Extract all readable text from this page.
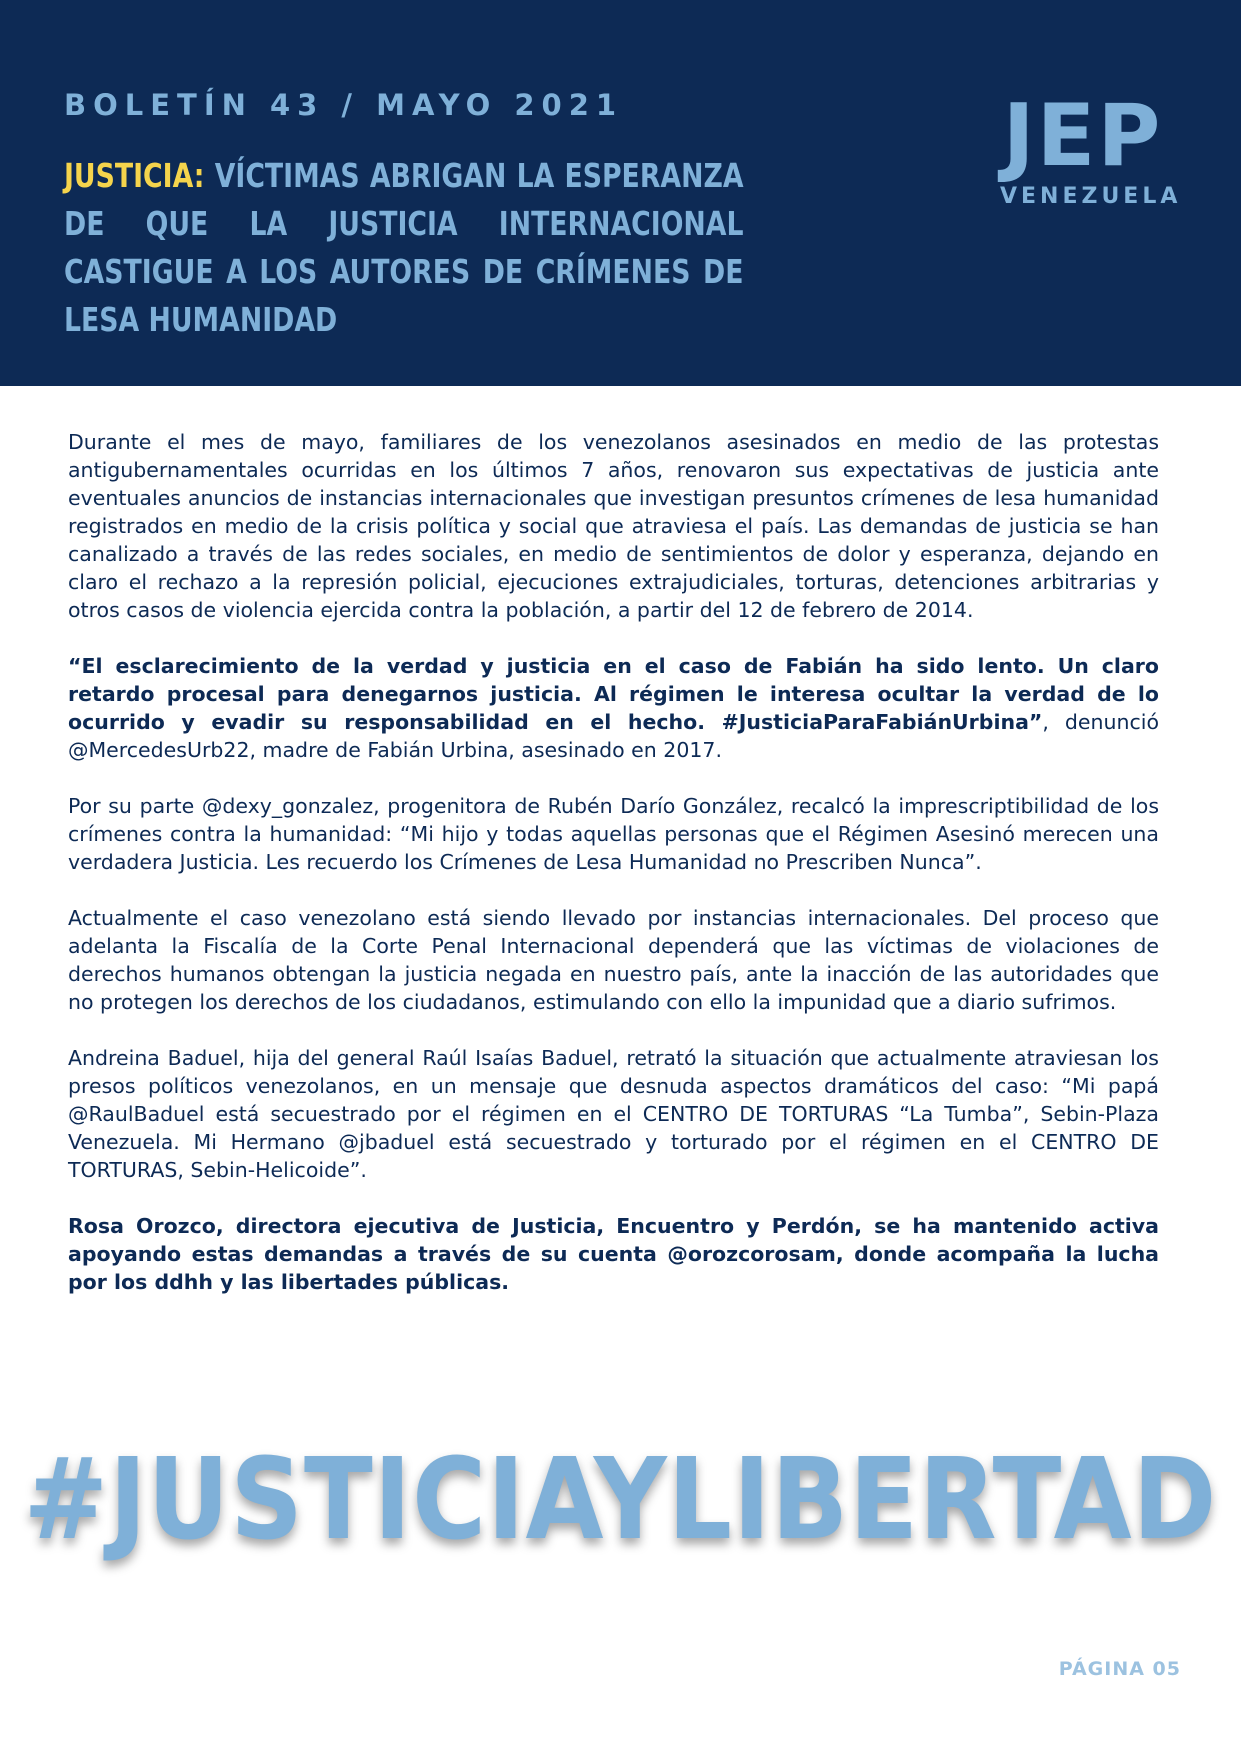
BOLETÍN 43 / MAYO 2021
JUSTICIA: VÍCTIMAS ABRIGAN LA ESPERANZA DE QUE LA JUSTICIA INTERNACIONAL CASTIGUE A LOS AUTORES DE CRÍMENES DE LESA HUMANIDAD
JEP
VENEZUELA

Durante el mes de mayo, familiares de los venezolanos asesinados en medio de las protestas antigubernamentales ocurridas en los últimos 7 años, renovaron sus expectativas de justicia ante eventuales anuncios de instancias internacionales que investigan presuntos crímenes de lesa humanidad registrados en medio de la crisis política y social que atraviesa el país. Las demandas de justicia se han canalizado a través de las redes sociales, en medio de sentimientos de dolor y esperanza, dejando en claro el rechazo a la represión policial, ejecuciones extrajudiciales, torturas, detenciones arbitrarias y otros casos de violencia ejercida contra la población, a partir del 12 de febrero de 2014.

“El esclarecimiento de la verdad y justicia en el caso de Fabián ha sido lento. Un claro retardo procesal para denegarnos justicia. Al régimen le interesa ocultar la verdad de lo ocurrido y evadir su responsabilidad en el hecho. #JusticiaParaFabiánUrbina”, denunció @MercedesUrb22, madre de Fabián Urbina, asesinado en 2017.

Por su parte @dexy_gonzalez, progenitora de Rubén Darío González, recalcó la imprescriptibilidad de los crímenes contra la humanidad: “Mi hijo y todas aquellas personas que el Régimen Asesinó merecen una verdadera Justicia. Les recuerdo los Crímenes de Lesa Humanidad no Prescriben Nunca”.

Actualmente el caso venezolano está siendo llevado por instancias internacionales. Del proceso que adelanta la Fiscalía de la Corte Penal Internacional dependerá que las víctimas de violaciones de derechos humanos obtengan la justicia negada en nuestro país, ante la inacción de las autoridades que no protegen los derechos de los ciudadanos, estimulando con ello la impunidad que a diario sufrimos.

Andreina Baduel, hija del general Raúl Isaías Baduel, retrató la situación que actualmente atraviesan los presos políticos venezolanos, en un mensaje que desnuda aspectos dramáticos del caso: “Mi papá @RaulBaduel está secuestrado por el régimen en el CENTRO DE TORTURAS “La Tumba”, Sebin-Plaza Venezuela. Mi Hermano @jbaduel está secuestrado y torturado por el régimen en el CENTRO DE TORTURAS, Sebin-Helicoide”.

Rosa Orozco, directora ejecutiva de Justicia, Encuentro y Perdón, se ha mantenido activa apoyando estas demandas a través de su cuenta @orozcorosam, donde acompaña la lucha por los ddhh y las libertades públicas.

#JUSTICIAYLIBERTAD
PÁGINA 05
